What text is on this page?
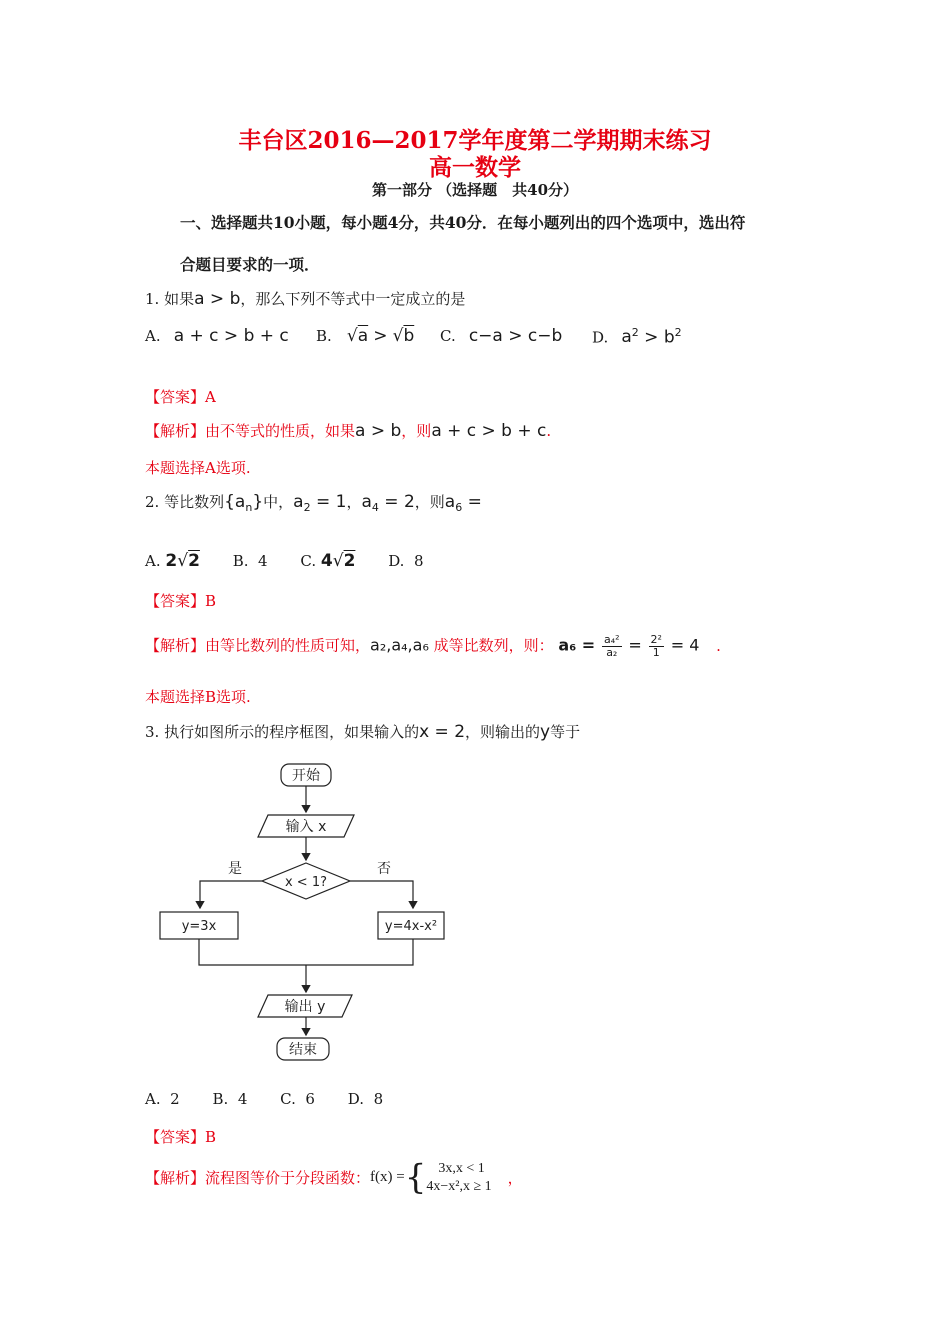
丰台区2016—2017学年度第二学期期末练习
高一数学
第一部分 （选择题　共40分）
一、选择题共10小题，每小题4分，共40分．在每小题列出的四个选项中，选出符
合题目要求的一项．
1. 如果a > b，那么下列不等式中一定成立的是
A. a + c > b + c B. √a > √b C. c−a > c−b D. $a^2 > b^2$
【答案】A
【解析】由不等式的性质，如果a > b，则a + c > b + c.
本题选择A选项.
2. 等比数列$\{a_n\}$中，$a_2 = 1$，$a_4 = 2$，则$a_6$ =
A. 2√2 B. 4 C. 4√2 D. 8
【答案】B
【解析】由等比数列的性质可知，a₂,a₄,a₆ 成等比数列，则： $a_6 = \frac{\text{a₄²}}{\text{a₂}} = \frac{\text{2²}}{1} = 4$ .
本题选择B选项.
3. 执行如图所示的程序框图，如果输入的x = 2，则输出的y等于
开始
输入 x
x < 1?
是	否
y=3x	y=4x-x²
输出 y
结束
A. 2 B. 4 C. 6 D. 8
【答案】B
【解析】流程图等价于分段函数：f(x) ={ 3x,x < 1
4x−x²,x ≥ 1 ，
